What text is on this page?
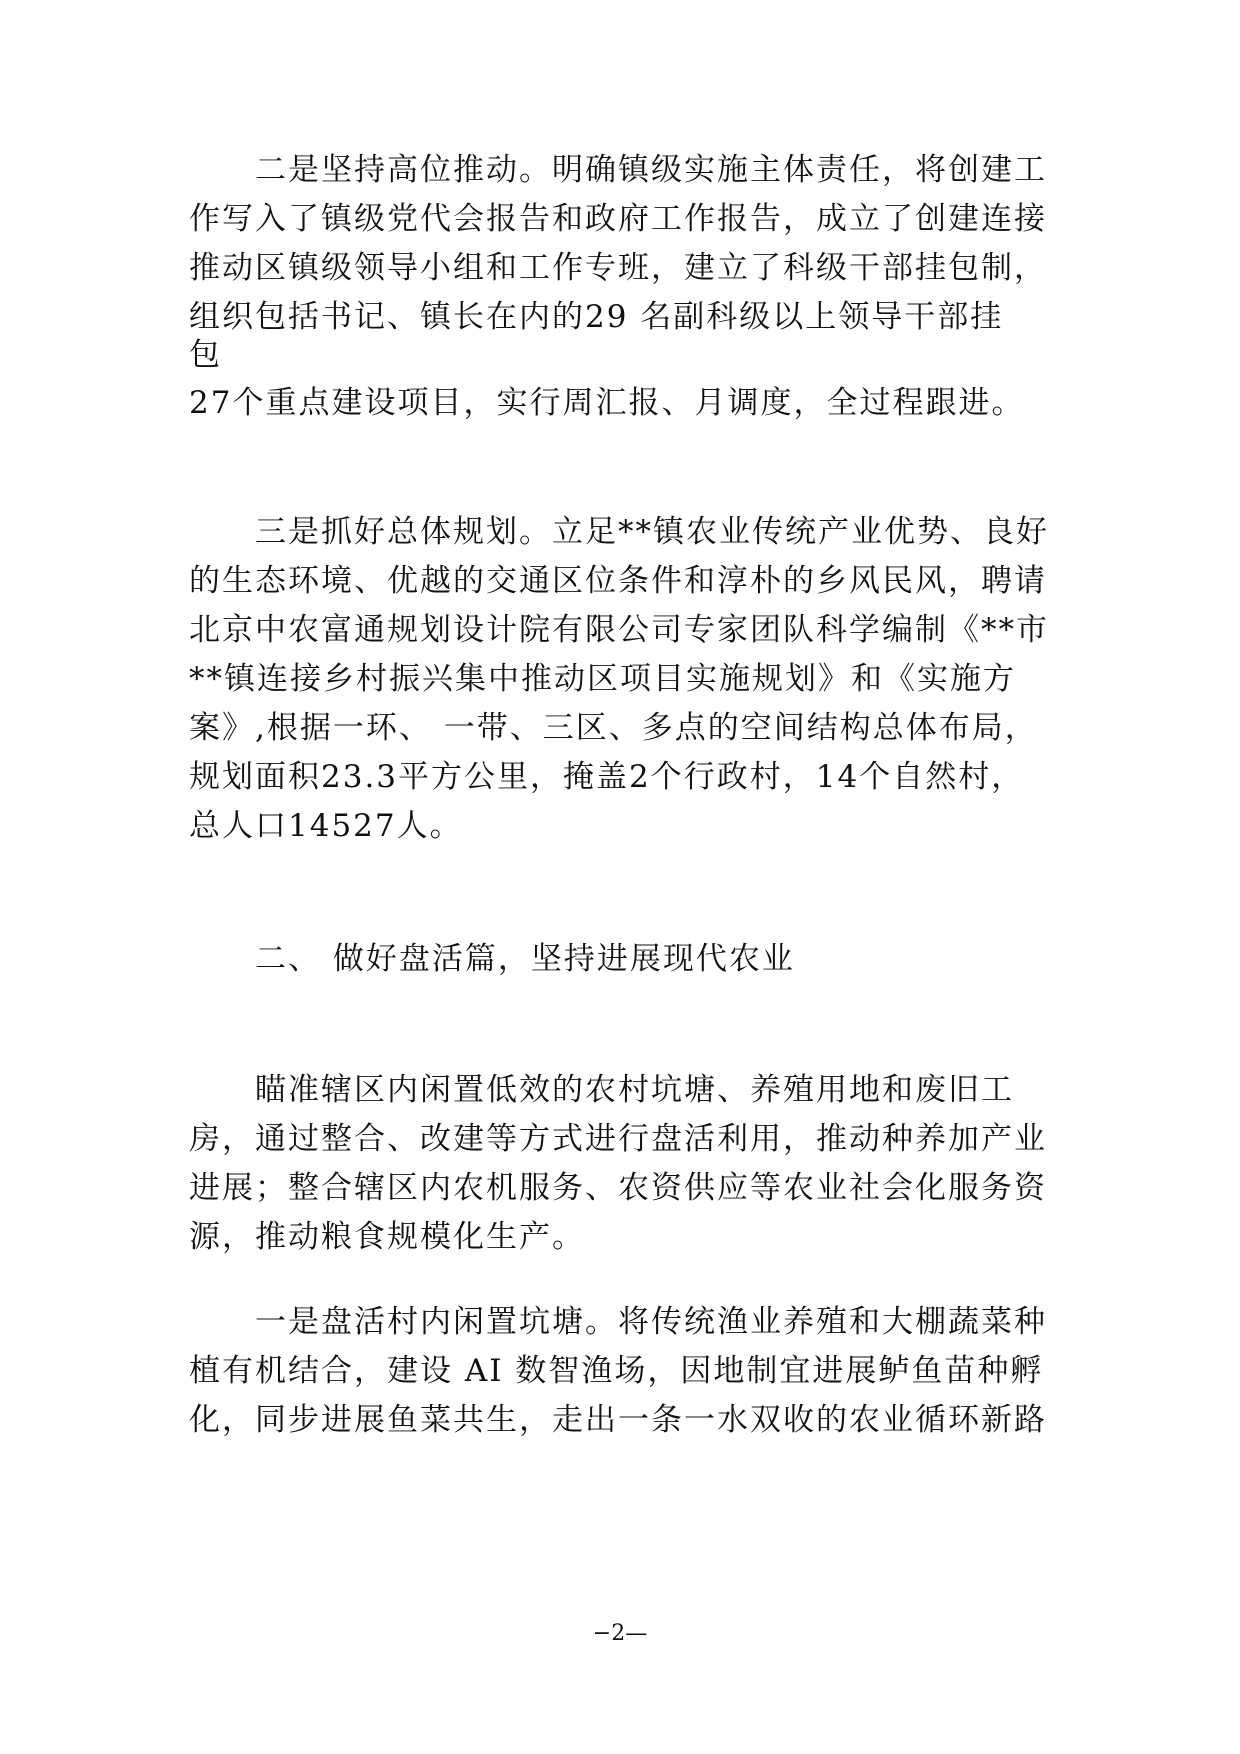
二是坚持高位推动。明确镇级实施主体责任，将创建工
作写入了镇级党代会报告和政府工作报告，成立了创建连接
推动区镇级领导小组和工作专班，建立了科级干部挂包制，
组织包括书记、镇长在内的29 名副科级以上领导干部挂
包
27个重点建设项目，实行周汇报、月调度，全过程跟进。
三是抓好总体规划。立足**镇农业传统产业优势、良好
的生态环境、优越的交通区位条件和淳朴的乡风民风，聘请
北京中农富通规划设计院有限公司专家团队科学编制《**市
**镇连接乡村振兴集中推动区项目实施规划》和《实施方
案》,根据一环、 一带、三区、多点的空间结构总体布局，
规划面积23.3平方公里，掩盖2个行政村，14个自然村，
总人口14527人。
二、 做好盘活篇，坚持进展现代农业
瞄准辖区内闲置低效的农村坑塘、养殖用地和废旧工
房，通过整合、改建等方式进行盘活利用，推动种养加产业
进展；整合辖区内农机服务、农资供应等农业社会化服务资
源，推动粮食规模化生产。
一是盘活村内闲置坑塘。将传统渔业养殖和大棚蔬菜种
植有机结合，建设 AI 数智渔场，因地制宜进展鲈鱼苗种孵
化，同步进展鱼菜共生，走出一条一水双收的农业循环新路
−2—
